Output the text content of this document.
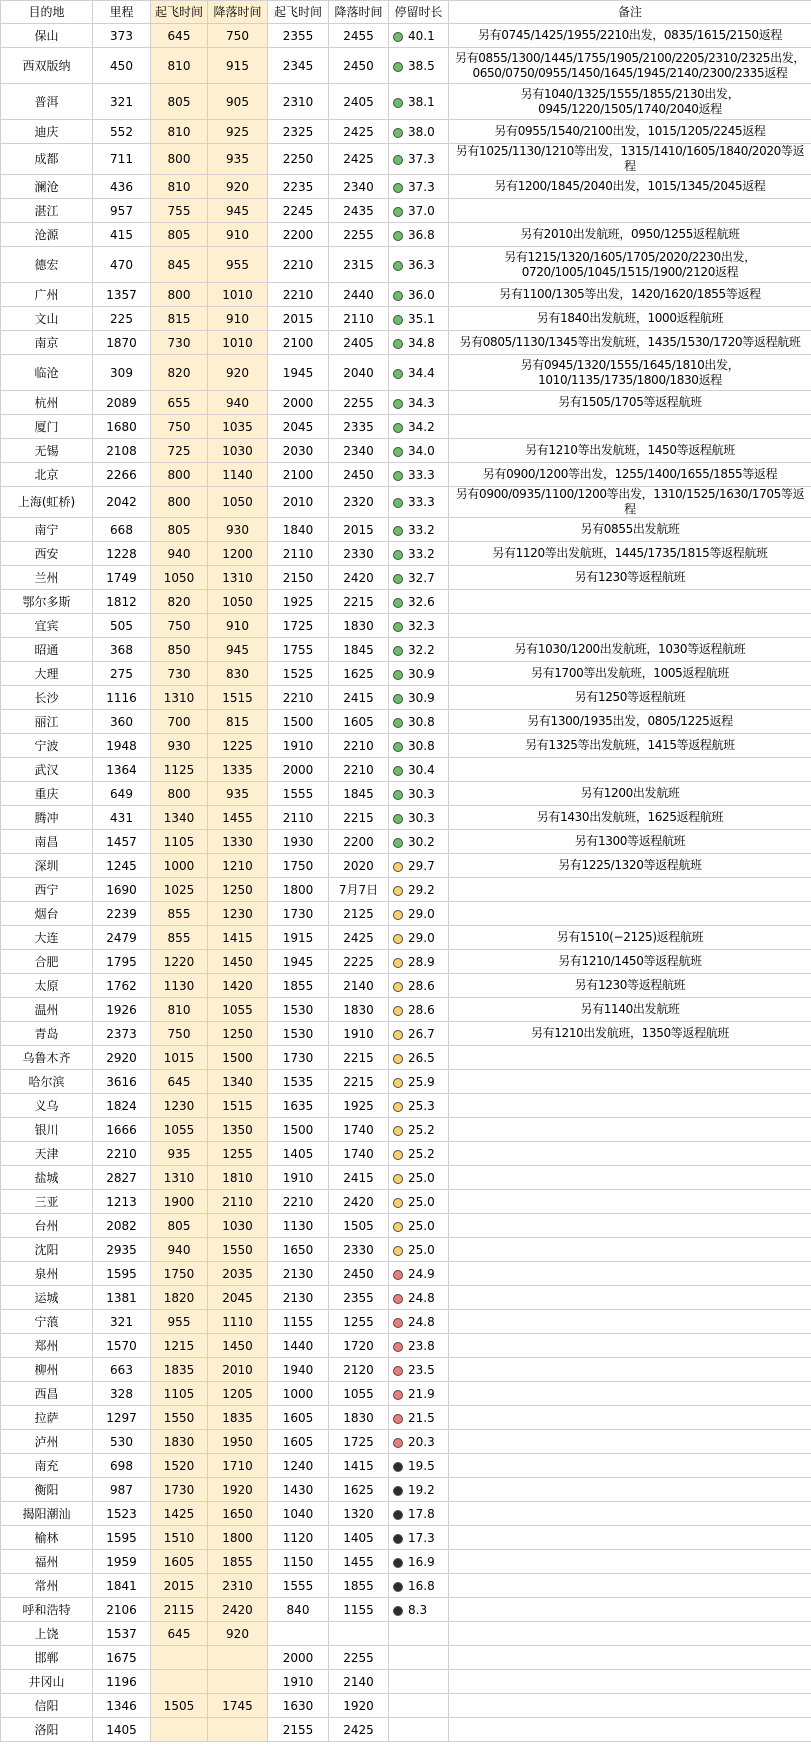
目的地	里程	起飞时间	降落时间	起飞时间	降落时间	停留时长	备注
保山	373	645	750	2355	2455	40.1	另有0745/1425/1955/2210出发，0835/1615/2150返程
西双版纳	450	810	915	2345	2450	38.5	另有0855/1300/1445/1755/1905/2100/2205/2310/2325出发，0650/0750/0955/1450/1645/1945/2140/2300/2335返程
普洱	321	805	905	2310	2405	38.1	另有1040/1325/1555/1855/2130出发，0945/1220/1505/1740/2040返程
迪庆	552	810	925	2325	2425	38.0	另有0955/1540/2100出发，1015/1205/2245返程
成都	711	800	935	2250	2425	37.3	另有1025/1130/1210等出发，1315/1410/1605/1840/2020等返程
澜沧	436	810	920	2235	2340	37.3	另有1200/1845/2040出发，1015/1345/2045返程
湛江	957	755	945	2245	2435	37.0	
沧源	415	805	910	2200	2255	36.8	另有2010出发航班，0950/1255返程航班
德宏	470	845	955	2210	2315	36.3	另有1215/1320/1605/1705/2020/2230出发，0720/1005/1045/1515/1900/2120返程
广州	1357	800	1010	2210	2440	36.0	另有1100/1305等出发，1420/1620/1855等返程
文山	225	815	910	2015	2110	35.1	另有1840出发航班，1000返程航班
南京	1870	730	1010	2100	2405	34.8	另有0805/1130/1345等出发航班，1435/1530/1720等返程航班
临沧	309	820	920	1945	2040	34.4	另有0945/1320/1555/1645/1810出发，1010/1135/1735/1800/1830返程
杭州	2089	655	940	2000	2255	34.3	另有1505/1705等返程航班
厦门	1680	750	1035	2045	2335	34.2	
无锡	2108	725	1030	2030	2340	34.0	另有1210等出发航班，1450等返程航班
北京	2266	800	1140	2100	2450	33.3	另有0900/1200等出发，1255/1400/1655/1855等返程
上海(虹桥)	2042	800	1050	2010	2320	33.3	另有0900/0935/1100/1200等出发，1310/1525/1630/1705等返程
南宁	668	805	930	1840	2015	33.2	另有0855出发航班
西安	1228	940	1200	2110	2330	33.2	另有1120等出发航班，1445/1735/1815等返程航班
兰州	1749	1050	1310	2150	2420	32.7	另有1230等返程航班
鄂尔多斯	1812	820	1050	1925	2215	32.6	
宜宾	505	750	910	1725	1830	32.3	
昭通	368	850	945	1755	1845	32.2	另有1030/1200出发航班，1030等返程航班
大理	275	730	830	1525	1625	30.9	另有1700等出发航班，1005返程航班
长沙	1116	1310	1515	2210	2415	30.9	另有1250等返程航班
丽江	360	700	815	1500	1605	30.8	另有1300/1935出发，0805/1225返程
宁波	1948	930	1225	1910	2210	30.8	另有1325等出发航班，1415等返程航班
武汉	1364	1125	1335	2000	2210	30.4	
重庆	649	800	935	1555	1845	30.3	另有1200出发航班
腾冲	431	1340	1455	2110	2215	30.3	另有1430出发航班，1625返程航班
南昌	1457	1105	1330	1930	2200	30.2	另有1300等返程航班
深圳	1245	1000	1210	1750	2020	29.7	另有1225/1320等返程航班
西宁	1690	1025	1250	1800	7月7日	29.2	
烟台	2239	855	1230	1730	2125	29.0	
大连	2479	855	1415	1915	2425	29.0	另有1510(−2125)返程航班
合肥	1795	1220	1450	1945	2225	28.9	另有1210/1450等返程航班
太原	1762	1130	1420	1855	2140	28.6	另有1230等返程航班
温州	1926	810	1055	1530	1830	28.6	另有1140出发航班
青岛	2373	750	1250	1530	1910	26.7	另有1210出发航班，1350等返程航班
乌鲁木齐	2920	1015	1500	1730	2215	26.5	
哈尔滨	3616	645	1340	1535	2215	25.9	
义乌	1824	1230	1515	1635	1925	25.3	
银川	1666	1055	1350	1500	1740	25.2	
天津	2210	935	1255	1405	1740	25.2	
盐城	2827	1310	1810	1910	2415	25.0	
三亚	1213	1900	2110	2210	2420	25.0	
台州	2082	805	1030	1130	1505	25.0	
沈阳	2935	940	1550	1650	2330	25.0	
泉州	1595	1750	2035	2130	2450	24.9	
运城	1381	1820	2045	2130	2355	24.8	
宁蒗	321	955	1110	1155	1255	24.8	
郑州	1570	1215	1450	1440	1720	23.8	
柳州	663	1835	2010	1940	2120	23.5	
西昌	328	1105	1205	1000	1055	21.9	
拉萨	1297	1550	1835	1605	1830	21.5	
泸州	530	1830	1950	1605	1725	20.3	
南充	698	1520	1710	1240	1415	19.5	
衡阳	987	1730	1920	1430	1625	19.2	
揭阳潮汕	1523	1425	1650	1040	1320	17.8	
榆林	1595	1510	1800	1120	1405	17.3	
福州	1959	1605	1855	1150	1455	16.9	
常州	1841	2015	2310	1555	1855	16.8	
呼和浩特	2106	2115	2420	840	1155	8.3	
上饶	1537	645	920				
邯郸	1675			2000	2255		
井冈山	1196			1910	2140		
信阳	1346	1505	1745	1630	1920		
洛阳	1405			2155	2425		
